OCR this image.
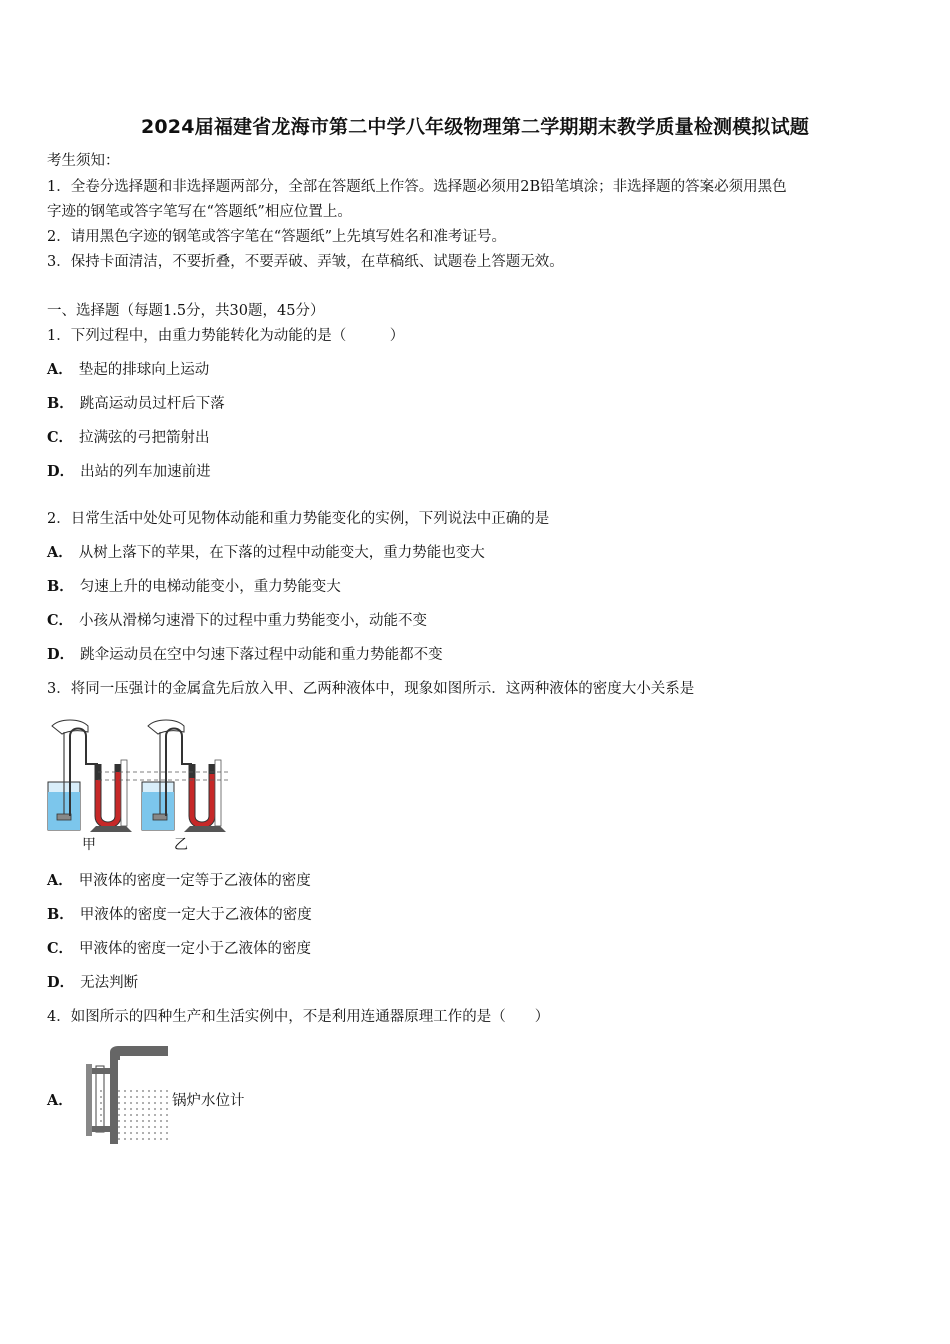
2024届福建省龙海市第二中学八年级物理第二学期期末教学质量检测模拟试题
考生须知：
1．全卷分选择题和非选择题两部分，全部在答题纸上作答。选择题必须用2B铅笔填涂；非选择题的答案必须用黑色
字迹的钢笔或答字笔写在“答题纸”相应位置上。
2．请用黑色字迹的钢笔或答字笔在“答题纸”上先填写姓名和准考证号。
3．保持卡面清洁，不要折叠，不要弄破、弄皱，在草稿纸、试题卷上答题无效。
一、选择题（每题1.5分，共30题，45分）
1．下列过程中，由重力势能转化为动能的是（　　　）
A． 垫起的排球向上运动
B． 跳高运动员过杆后下落
C． 拉满弦的弓把箭射出
D． 出站的列车加速前进
2．日常生活中处处可见物体动能和重力势能变化的实例，下列说法中正确的是
A． 从树上落下的苹果，在下落的过程中动能变大，重力势能也变大
B． 匀速上升的电梯动能变小，重力势能变大
C． 小孩从滑梯匀速滑下的过程中重力势能变小，动能不变
D． 跳伞运动员在空中匀速下落过程中动能和重力势能都不变
3．将同一压强计的金属盒先后放入甲、乙两种液体中，现象如图所示．这两种液体的密度大小关系是
甲	乙
A． 甲液体的密度一定等于乙液体的密度
B． 甲液体的密度一定大于乙液体的密度
C． 甲液体的密度一定小于乙液体的密度
D． 无法判断
4．如图所示的四种生产和生活实例中，不是利用连通器原理工作的是（　　）
A．	锅炉水位计
